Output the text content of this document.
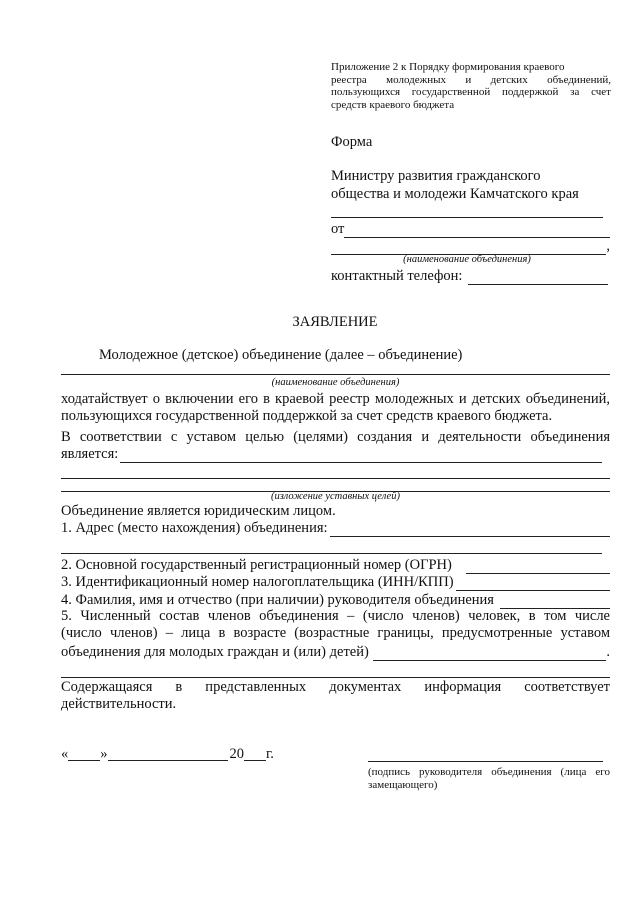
Приложение 2 к Порядку формирования краевого
реестра молодежных и детских объединений,
пользующихся государственной поддержкой за счет
средств краевого бюджета
Форма
Министру развития гражданского
общества и молодежи Камчатского края
от
,
(наименование объединения)
контактный телефон:
ЗАЯВЛЕНИЕ
Молодежное (детское) объединение (далее – объединение)
(наименование объединения)
ходатайствует о включении его в краевой реестр молодежных и детских объединений,
пользующихся государственной поддержкой за счет средств краевого бюджета.
В соответствии с уставом целью (целями) создания и деятельности объединения
является:
(изложение уставных целей)
Объединение является юридическим лицом.
1. Адрес (место нахождения) объединения:
2. Основной государственный регистрационный номер (ОГРН)
3. Идентификационный номер налогоплательщика (ИНН/КПП)
4. Фамилия, имя и отчество (при наличии) руководителя объединения
5. Численный состав членов объединения – (число членов) человек, в том числе
(число членов) – лица в возрасте (возрастные границы, предусмотренные уставом
объединения для молодых граждан и (или) детей)	.
Содержащаяся в представленных документах информация соответствует
действительности.
« »	20 г.
(подпись руководителя объединения (лица его
замещающего)
